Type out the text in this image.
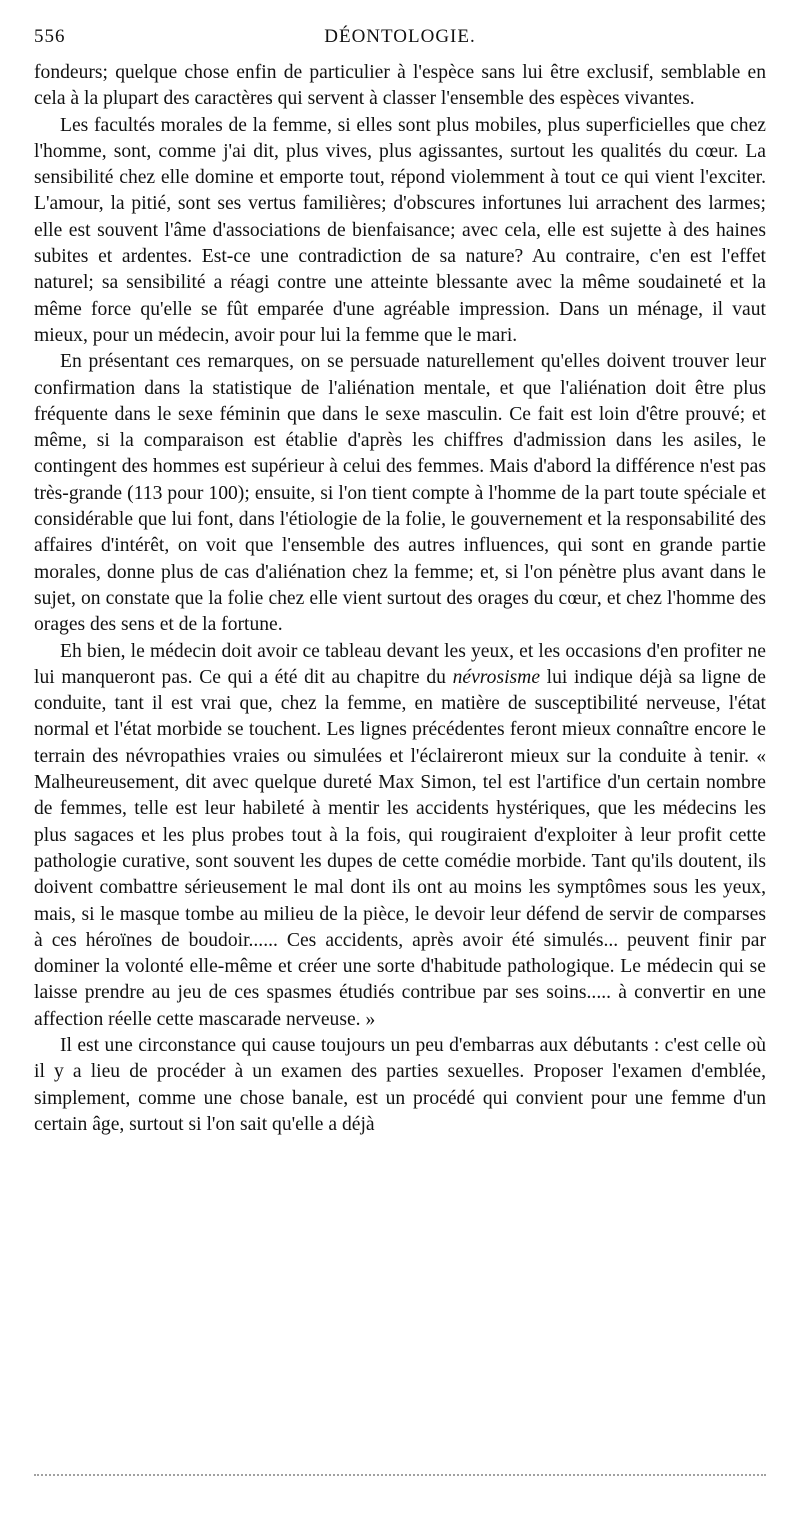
556	DÉONTOLOGIE.

fondeurs; quelque chose enfin de particulier à l'espèce sans lui être exclusif, semblable en cela à la plupart des caractères qui servent à classer l'ensemble des espèces vivantes.

Les facultés morales de la femme, si elles sont plus mobiles, plus superficielles que chez l'homme, sont, comme j'ai dit, plus vives, plus agissantes, surtout les qualités du cœur. La sensibilité chez elle domine et emporte tout, répond violemment à tout ce qui vient l'exciter. L'amour, la pitié, sont ses vertus familières; d'obscures infortunes lui arrachent des larmes; elle est souvent l'âme d'associations de bienfaisance; avec cela, elle est sujette à des haines subites et ardentes. Est-ce une contradiction de sa nature? Au contraire, c'en est l'effet naturel; sa sensibilité a réagi contre une atteinte blessante avec la même soudaineté et la même force qu'elle se fût emparée d'une agréable impression. Dans un ménage, il vaut mieux, pour un médecin, avoir pour lui la femme que le mari.

En présentant ces remarques, on se persuade naturellement qu'elles doivent trouver leur confirmation dans la statistique de l'aliénation mentale, et que l'aliénation doit être plus fréquente dans le sexe féminin que dans le sexe masculin. Ce fait est loin d'être prouvé; et même, si la comparaison est établie d'après les chiffres d'admission dans les asiles, le contingent des hommes est supérieur à celui des femmes. Mais d'abord la différence n'est pas très-grande (113 pour 100); ensuite, si l'on tient compte à l'homme de la part toute spéciale et considérable que lui font, dans l'étiologie de la folie, le gouvernement et la responsabilité des affaires d'intérêt, on voit que l'ensemble des autres influences, qui sont en grande partie morales, donne plus de cas d'aliénation chez la femme; et, si l'on pénètre plus avant dans le sujet, on constate que la folie chez elle vient surtout des orages du cœur, et chez l'homme des orages des sens et de la fortune.

Eh bien, le médecin doit avoir ce tableau devant les yeux, et les occasions d'en profiter ne lui manqueront pas. Ce qui a été dit au chapitre du névrosisme lui indique déjà sa ligne de conduite, tant il est vrai que, chez la femme, en matière de susceptibilité nerveuse, l'état normal et l'état morbide se touchent. Les lignes précédentes feront mieux connaître encore le terrain des névropathies vraies ou simulées et l'éclaireront mieux sur la conduite à tenir. « Malheureusement, dit avec quelque dureté Max Simon, tel est l'artifice d'un certain nombre de femmes, telle est leur habileté à mentir les accidents hystériques, que les médecins les plus sagaces et les plus probes tout à la fois, qui rougiraient d'exploiter à leur profit cette pathologie curative, sont souvent les dupes de cette comédie morbide. Tant qu'ils doutent, ils doivent combattre sérieusement le mal dont ils ont au moins les symptômes sous les yeux, mais, si le masque tombe au milieu de la pièce, le devoir leur défend de servir de comparses à ces héroïnes de boudoir...... Ces accidents, après avoir été simulés... peuvent finir par dominer la volonté elle-même et créer une sorte d'habitude pathologique. Le médecin qui se laisse prendre au jeu de ces spasmes étudiés contribue par ses soins..... à convertir en une affection réelle cette mascarade nerveuse. »

Il est une circonstance qui cause toujours un peu d'embarras aux débutants : c'est celle où il y a lieu de procéder à un examen des parties sexuelles. Proposer l'examen d'emblée, simplement, comme une chose banale, est un procédé qui convient pour une femme d'un certain âge, surtout si l'on sait qu'elle a déjà
